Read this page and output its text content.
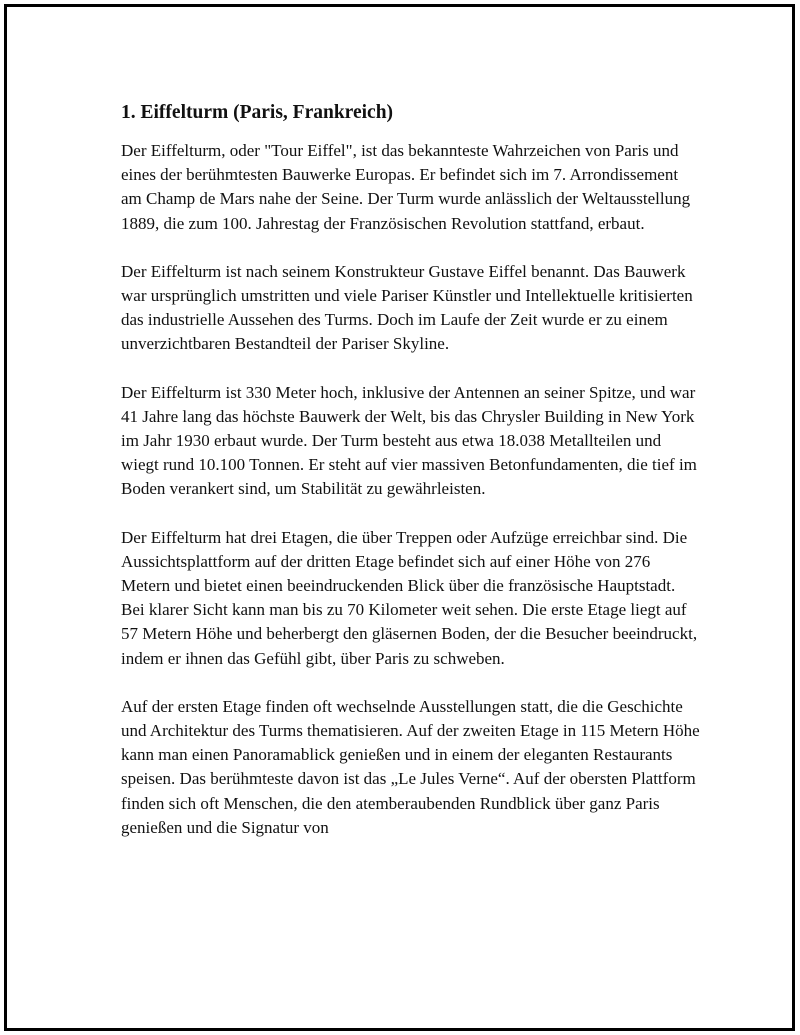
1. Eiffelturm (Paris, Frankreich)

Der Eiffelturm, oder "Tour Eiffel", ist das bekannteste Wahrzeichen von Paris und eines der berühmtesten Bauwerke Europas. Er befindet sich im 7. Arrondissement am Champ de Mars nahe der Seine. Der Turm wurde anlässlich der Weltausstellung 1889, die zum 100. Jahrestag der Französischen Revolution stattfand, erbaut.

Der Eiffelturm ist nach seinem Konstrukteur Gustave Eiffel benannt. Das Bauwerk war ursprünglich umstritten und viele Pariser Künstler und Intellektuelle kritisierten das industrielle Aussehen des Turms. Doch im Laufe der Zeit wurde er zu einem unverzichtbaren Bestandteil der Pariser Skyline.

Der Eiffelturm ist 330 Meter hoch, inklusive der Antennen an seiner Spitze, und war 41 Jahre lang das höchste Bauwerk der Welt, bis das Chrysler Building in New York im Jahr 1930 erbaut wurde. Der Turm besteht aus etwa 18.038 Metallteilen und wiegt rund 10.100 Tonnen. Er steht auf vier massiven Betonfundamenten, die tief im Boden verankert sind, um Stabilität zu gewährleisten.

Der Eiffelturm hat drei Etagen, die über Treppen oder Aufzüge erreichbar sind. Die Aussichtsplattform auf der dritten Etage befindet sich auf einer Höhe von 276 Metern und bietet einen beeindruckenden Blick über die französische Hauptstadt. Bei klarer Sicht kann man bis zu 70 Kilometer weit sehen. Die erste Etage liegt auf 57 Metern Höhe und beherbergt den gläsernen Boden, der die Besucher beeindruckt, indem er ihnen das Gefühl gibt, über Paris zu schweben.

Auf der ersten Etage finden oft wechselnde Ausstellungen statt, die die Geschichte und Architektur des Turms thematisieren. Auf der zweiten Etage in 115 Metern Höhe kann man einen Panoramablick genießen und in einem der eleganten Restaurants speisen. Das berühmteste davon ist das „Le Jules Verne“. Auf der obersten Plattform finden sich oft Menschen, die den atemberaubenden Rundblick über ganz Paris genießen und die Signatur von
